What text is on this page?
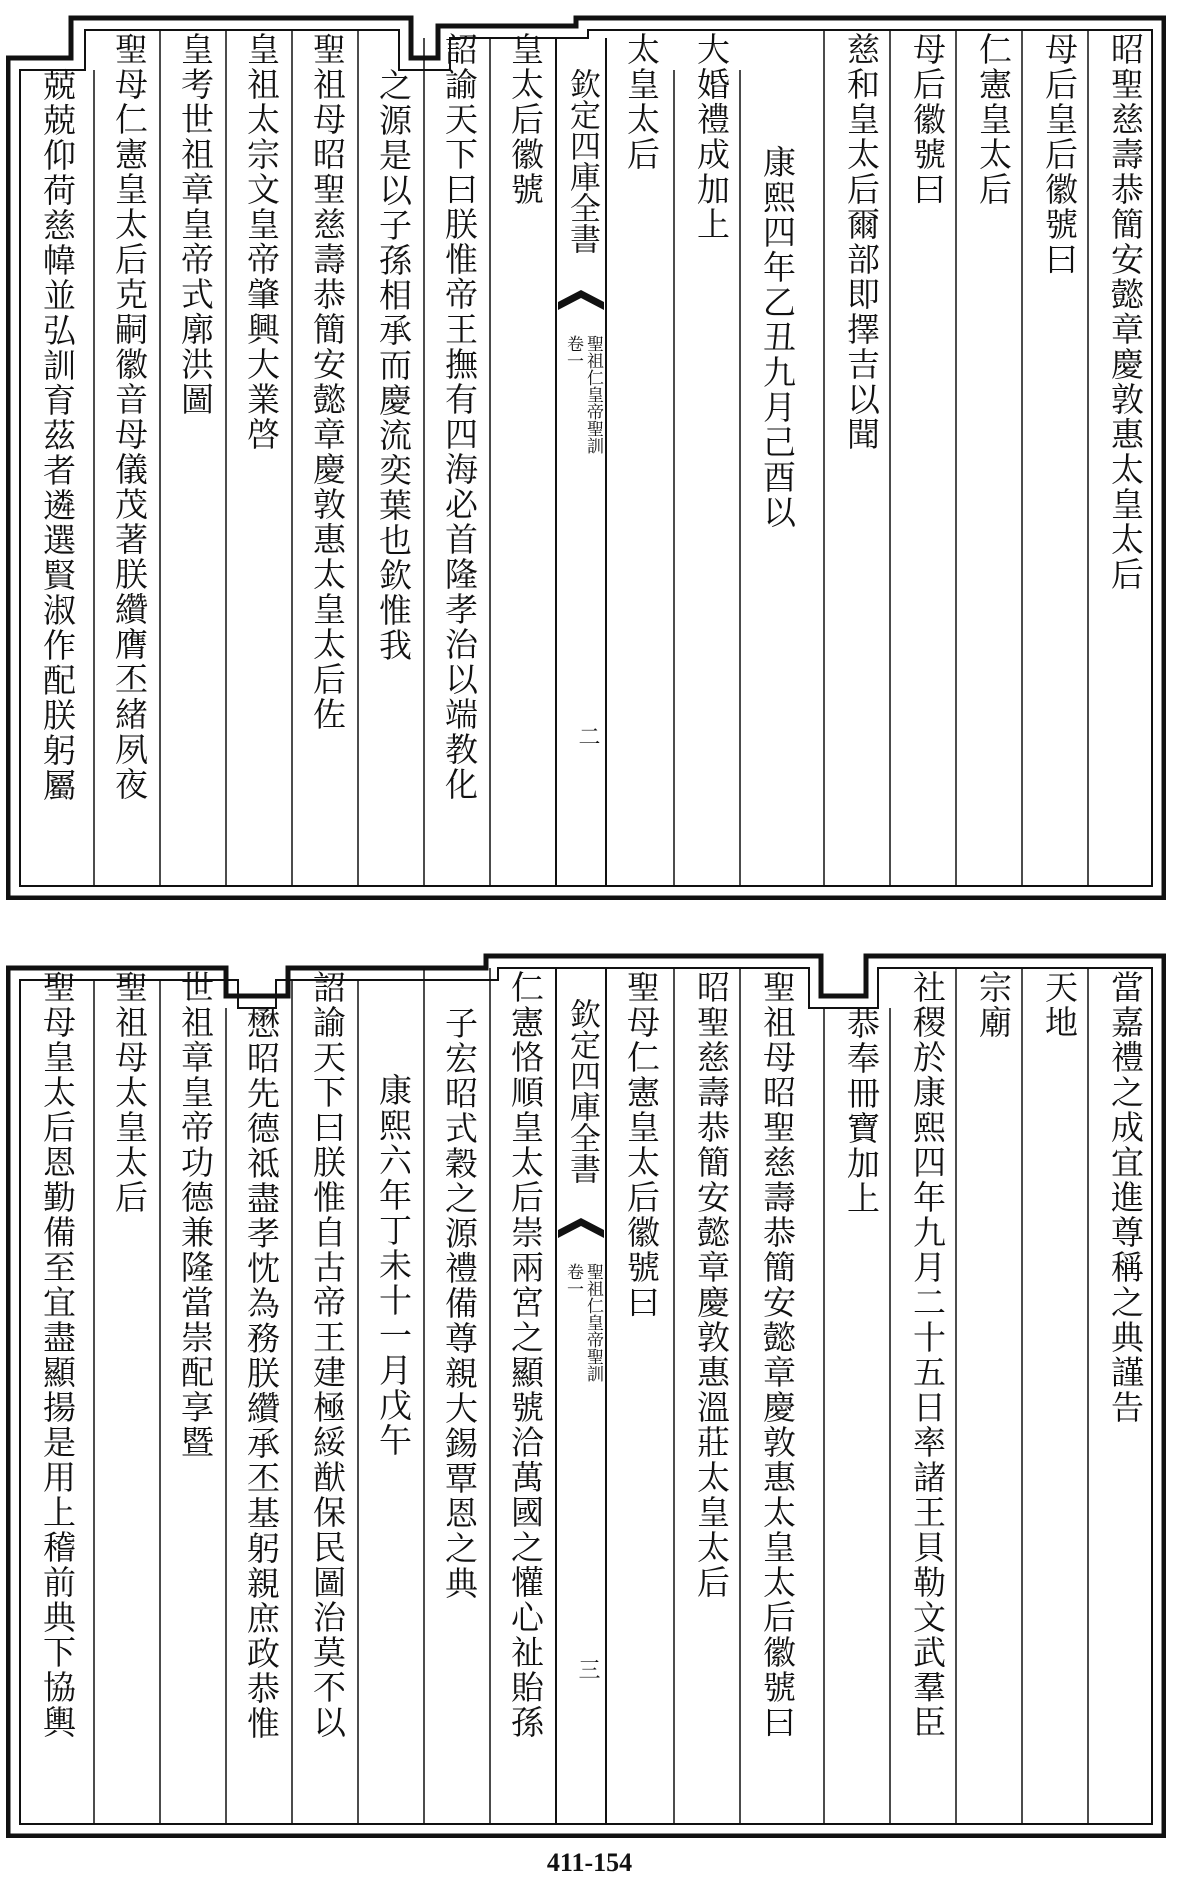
欽定四庫全書
聖祖仁皇帝聖訓
卷一
二
昭聖慈壽恭簡安懿章慶敦惠太皇太后
母后皇后徽號曰
仁憲皇太后
母后徽號曰
慈和皇太后爾部即擇吉以聞
康熙四年乙丑九月己酉以
大婚禮成加上
太皇太后
皇太后徽號
詔諭天下曰朕惟帝王撫有四海必首隆孝治以端教化
之源是以子孫相承而慶流奕葉也欽惟我
聖祖母昭聖慈壽恭簡安懿章慶敦惠太皇太后佐
皇祖太宗文皇帝肇興大業啓
皇考世祖章皇帝式廓洪圖
聖母仁憲皇太后克嗣徽音母儀茂著朕纘膺丕緒夙夜
兢兢仰荷慈幃並弘訓育茲者遴選賢淑作配朕躬屬
欽定四庫全書
聖祖仁皇帝聖訓
卷一
三
當嘉禮之成宜進尊稱之典謹告
天地
宗廟
社稷於康熙四年九月二十五日率諸王貝勒文武羣臣
恭奉冊寶加上
聖祖母昭聖慈壽恭簡安懿章慶敦惠太皇太后徽號曰
昭聖慈壽恭簡安懿章慶敦惠溫莊太皇太后
聖母仁憲皇太后徽號曰
仁憲恪順皇太后崇兩宮之顯號洽萬國之懽心祉貽孫
子宏昭式穀之源禮備尊親大錫覃恩之典
康熙六年丁未十一月戊午
詔諭天下曰朕惟自古帝王建極綏猷保民圖治莫不以
懋昭先德祗盡孝忱為務朕纘承丕基躬親庶政恭惟
世祖章皇帝功德兼隆當崇配享暨
聖祖母太皇太后
聖母皇太后恩勤備至宜盡顯揚是用上稽前典下協輿
411-154
